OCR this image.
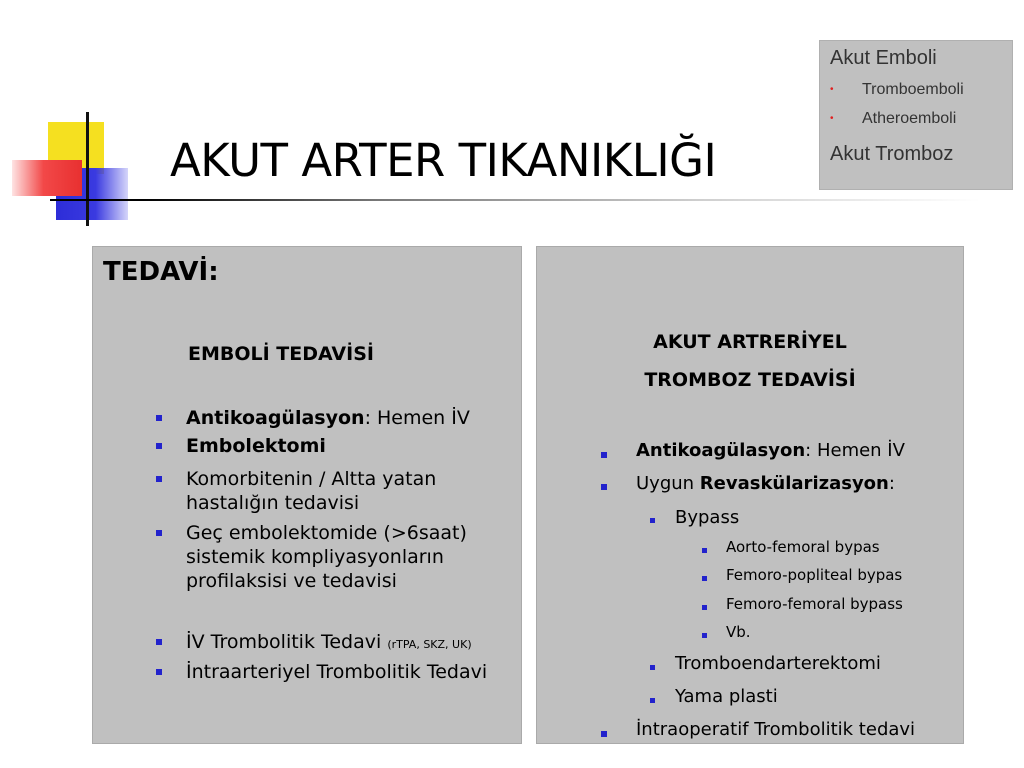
AKUT ARTER TIKANIKLIĞI
Akut Emboli
• Tromboemboli
• Atheroemboli
Akut Tromboz
TEDAVİ:
EMBOLİ TEDAVİSİ
Antikoagülasyon: Hemen İV
Embolektomi
Komorbitenin / Altta yatan
hastalığın tedavisi
Geç embolektomide (>6saat)
sistemik kompliyasyonların
profilaksisi ve tedavisi
İV Trombolitik Tedavi (rTPA, SKZ, UK)
İntraarteriyel Trombolitik Tedavi
AKUT ARTRERİYEL
TROMBOZ TEDAVİSİ
Antikoagülasyon: Hemen İV
Uygun Revaskülarizasyon:
Bypass
Aorto-femoral bypas
Femoro-popliteal bypas
Femoro-femoral bypass
Vb.
Tromboendarterektomi
Yama plasti
İntraoperatif Trombolitik tedavi
